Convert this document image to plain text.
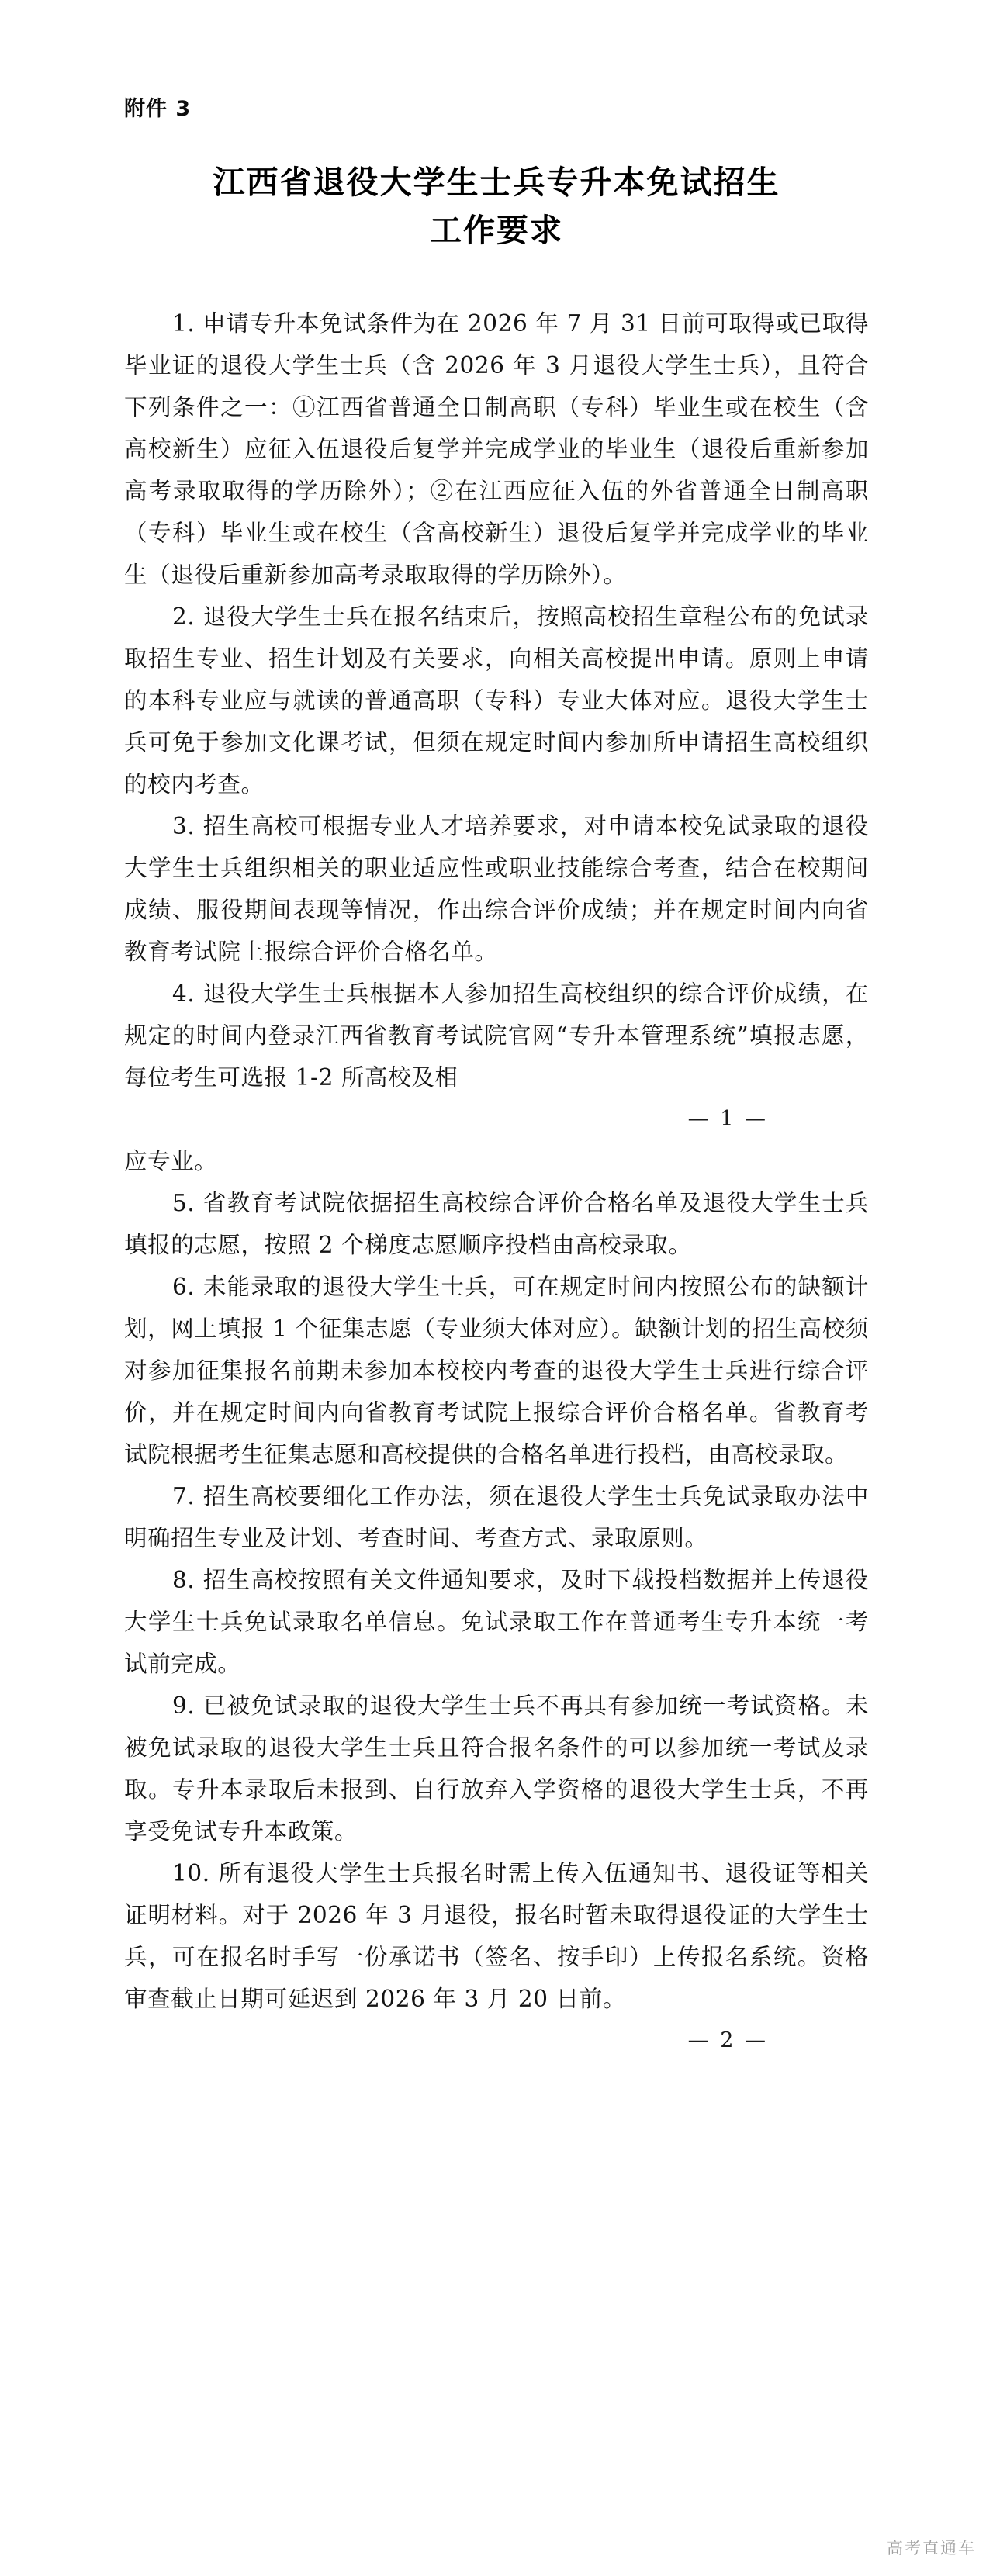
附件 3
江西省退役大学生士兵专升本免试招生
工作要求

1. 申请专升本免试条件为在 2026 年 7 月 31 日前可取得或已取得毕业证的退役大学生士兵（含 2026 年 3 月退役大学生士兵），且符合下列条件之一：①江西省普通全日制高职（专科）毕业生或在校生（含高校新生）应征入伍退役后复学并完成学业的毕业生（退役后重新参加高考录取取得的学历除外）；②在江西应征入伍的外省普通全日制高职（专科）毕业生或在校生（含高校新生）退役后复学并完成学业的毕业生（退役后重新参加高考录取取得的学历除外）。

2. 退役大学生士兵在报名结束后，按照高校招生章程公布的免试录取招生专业、招生计划及有关要求，向相关高校提出申请。原则上申请的本科专业应与就读的普通高职（专科）专业大体对应。退役大学生士兵可免于参加文化课考试，但须在规定时间内参加所申请招生高校组织的校内考查。

3. 招生高校可根据专业人才培养要求，对申请本校免试录取的退役大学生士兵组织相关的职业适应性或职业技能综合考查，结合在校期间成绩、服役期间表现等情况，作出综合评价成绩；并在规定时间内向省教育考试院上报综合评价合格名单。

4. 退役大学生士兵根据本人参加招生高校组织的综合评价成绩，在规定的时间内登录江西省教育考试院官网“专升本管理系统”填报志愿，每位考生可选报 1-2 所高校及相

— 1 —

应专业。

5. 省教育考试院依据招生高校综合评价合格名单及退役大学生士兵填报的志愿，按照 2 个梯度志愿顺序投档由高校录取。

6. 未能录取的退役大学生士兵，可在规定时间内按照公布的缺额计划，网上填报 1 个征集志愿（专业须大体对应）。缺额计划的招生高校须对参加征集报名前期未参加本校校内考查的退役大学生士兵进行综合评价，并在规定时间内向省教育考试院上报综合评价合格名单。省教育考试院根据考生征集志愿和高校提供的合格名单进行投档，由高校录取。

7. 招生高校要细化工作办法，须在退役大学生士兵免试录取办法中明确招生专业及计划、考查时间、考查方式、录取原则。

8. 招生高校按照有关文件通知要求，及时下载投档数据并上传退役大学生士兵免试录取名单信息。免试录取工作在普通考生专升本统一考试前完成。

9. 已被免试录取的退役大学生士兵不再具有参加统一考试资格。未被免试录取的退役大学生士兵且符合报名条件的可以参加统一考试及录取。专升本录取后未报到、自行放弃入学资格的退役大学生士兵，不再享受免试专升本政策。

10. 所有退役大学生士兵报名时需上传入伍通知书、退役证等相关证明材料。对于 2026 年 3 月退役，报名时暂未取得退役证的大学生士兵，可在报名时手写一份承诺书（签名、按手印）上传报名系统。资格审查截止日期可延迟到 2026 年 3 月 20 日前。

— 2 —
高考直通车
